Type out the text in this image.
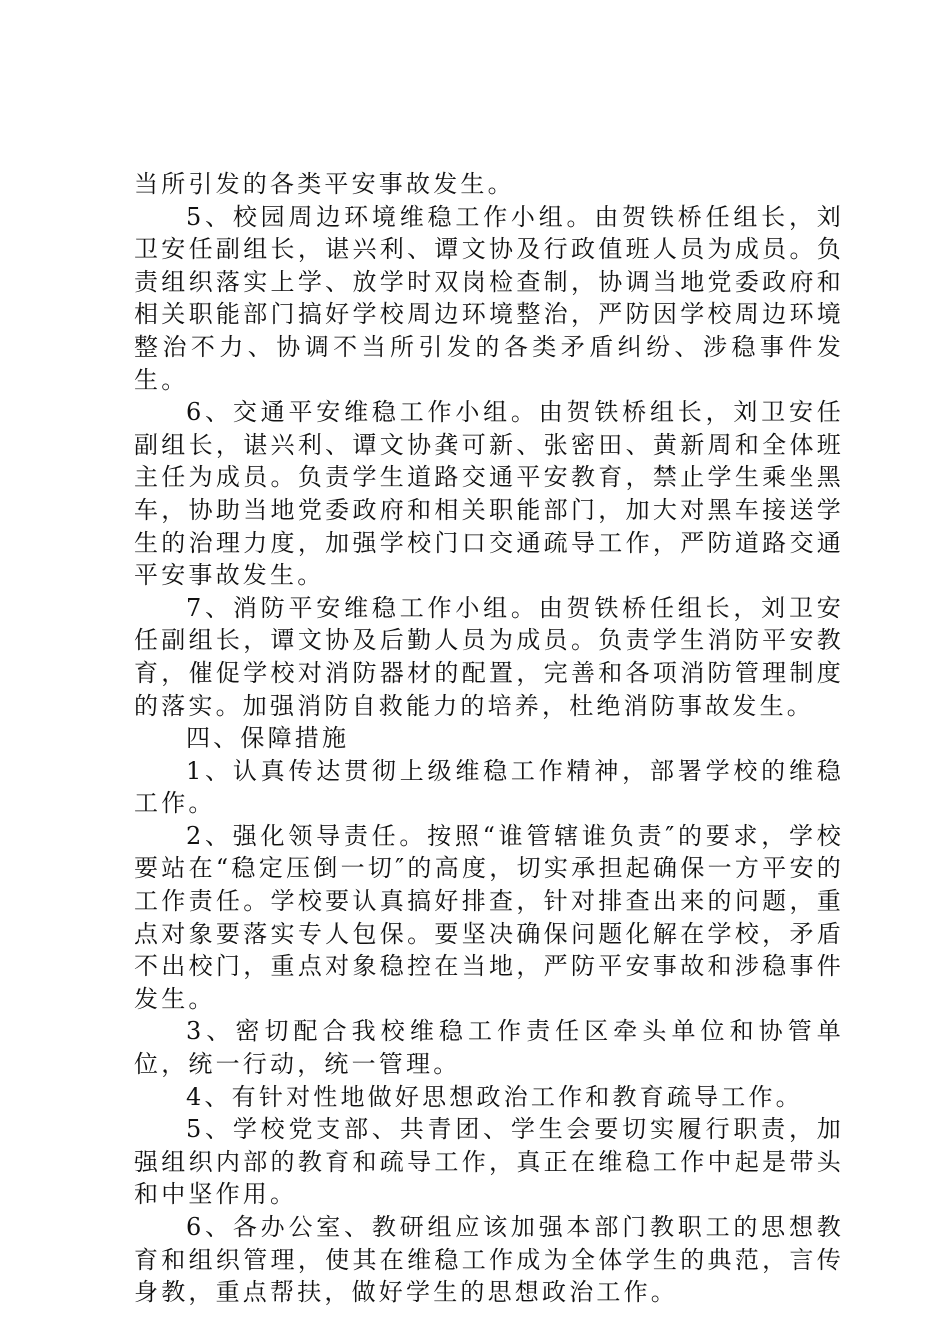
当所引发的各类平安事故发生。

5、校园周边环境维稳工作小组。由贺铁桥任组长，刘卫安任副组长，谌兴利、谭文协及行政值班人员为成员。负责组织落实上学、放学时双岗检查制，协调当地党委政府和相关职能部门搞好学校周边环境整治，严防因学校周边环境整治不力、协调不当所引发的各类矛盾纠纷、涉稳事件发生。

6、交通平安维稳工作小组。由贺铁桥组长，刘卫安任副组长，谌兴利、谭文协龚可新、张密田、黄新周和全体班主任为成员。负责学生道路交通平安教育，禁止学生乘坐黑车，协助当地党委政府和相关职能部门，加大对黑车接送学生的治理力度，加强学校门口交通疏导工作，严防道路交通平安事故发生。

7、消防平安维稳工作小组。由贺铁桥任组长，刘卫安任副组长，谭文协及后勤人员为成员。负责学生消防平安教育，催促学校对消防器材的配置，完善和各项消防管理制度的落实。加强消防自救能力的培养，杜绝消防事故发生。

四、保障措施

1、认真传达贯彻上级维稳工作精神，部署学校的维稳工作。

2、强化领导责任。按照“谁管辖谁负责″的要求，学校要站在“稳定压倒一切″的高度，切实承担起确保一方平安的工作责任。学校要认真搞好排查，针对排查出来的问题，重点对象要落实专人包保。要坚决确保问题化解在学校，矛盾不出校门，重点对象稳控在当地，严防平安事故和涉稳事件发生。

3、密切配合我校维稳工作责任区牵头单位和协管单位，统一行动，统一管理。

4、有针对性地做好思想政治工作和教育疏导工作。

5、学校党支部、共青团、学生会要切实履行职责，加强组织内部的教育和疏导工作，真正在维稳工作中起是带头和中坚作用。

6、各办公室、教研组应该加强本部门教职工的思想教育和组织管理，使其在维稳工作成为全体学生的典范，言传身教，重点帮扶，做好学生的思想政治工作。
